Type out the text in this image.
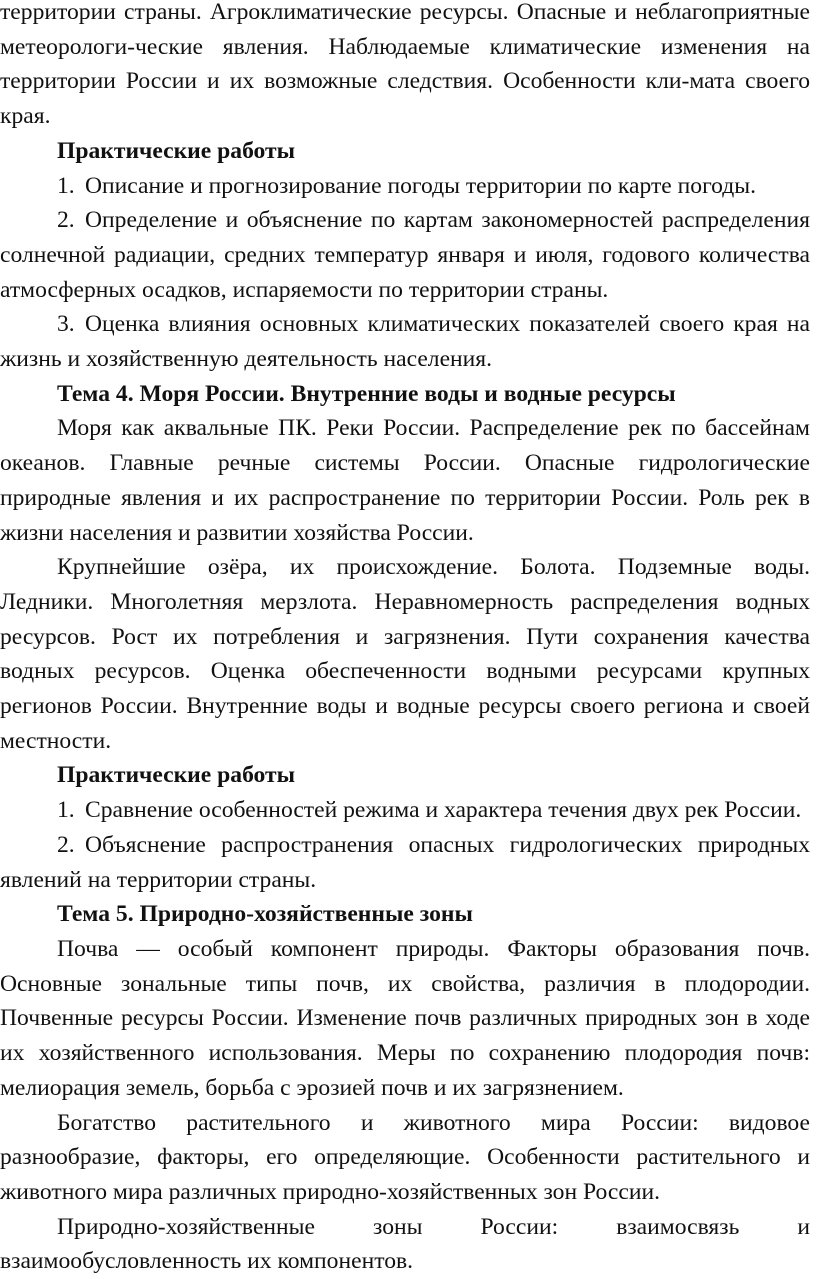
территории страны. Агроклиматические ресурсы. Опасные и неблагоприятные метеорологи-ческие явления. Наблюдаемые климатические изменения на территории России и их возможные следствия. Особенности кли-мата своего края.

Практические работы

1. Описание и прогнозирование погоды территории по карте погоды.

2. Определение и объяснение по картам закономерностей распределения солнечной радиации, средних температур января и июля, годового количества атмосферных осадков, испаряемости по территории страны.

3. Оценка влияния основных климатических показателей своего края на жизнь и хозяйственную деятельность населения.

Тема 4. Моря России. Внутренние воды и водные ресурсы

Моря как аквальные ПК. Реки России. Распределение рек по бассейнам океанов. Главные речные системы России. Опасные гидрологические природные явления и их распространение по территории России. Роль рек в жизни населения и развитии хозяйства России.

Крупнейшие озёра, их происхождение. Болота. Подземные воды. Ледники. Многолетняя мерзлота. Неравномерность распределения водных ресурсов. Рост их потребления и загрязнения. Пути сохранения качества водных ресурсов. Оценка обеспеченности водными ресурсами крупных регионов России. Внутренние воды и водные ресурсы своего региона и своей местности.

Практические работы

1. Сравнение особенностей режима и характера течения двух рек России.

2. Объяснение распространения опасных гидрологических природных явлений на территории страны.

Тема 5. Природно-хозяйственные зоны

Почва — особый компонент природы. Факторы образования почв. Основные зональные типы почв, их свойства, различия в плодородии. Почвенные ресурсы России. Изменение почв различных природных зон в ходе их хозяйственного использования. Меры по сохранению плодородия почв: мелиорация земель, борьба с эрозией почв и их загрязнением.

Богатство растительного и животного мира России: видовое разнообразие, факторы, его определяющие. Особенности растительного и животного мира различных природно-хозяйственных зон России.

Природно-хозяйственные зоны России: взаимосвязь и взаимообусловленность их компонентов.
